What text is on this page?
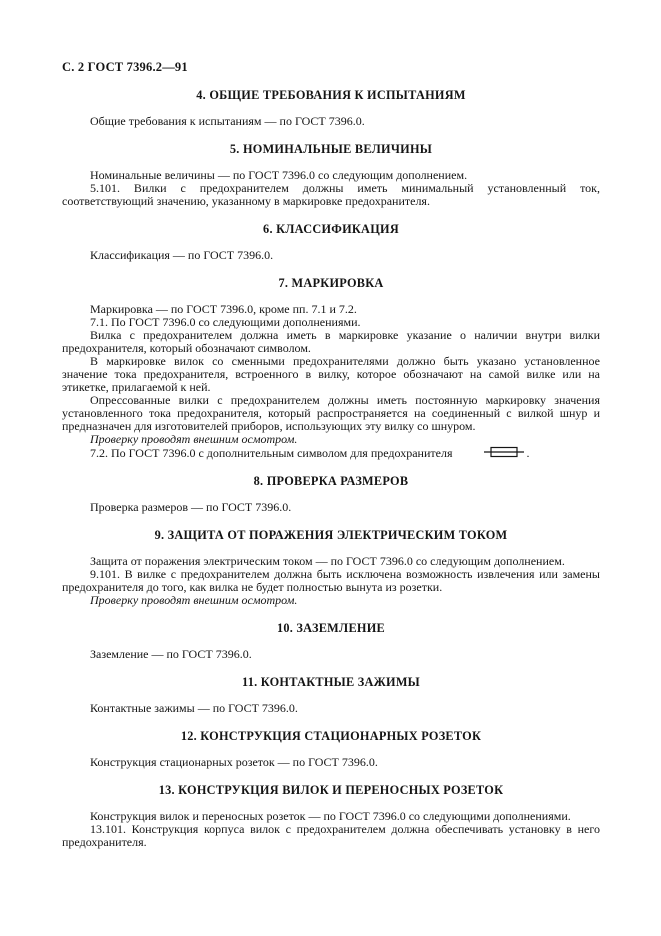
С. 2 ГОСТ 7396.2—91
4. ОБЩИЕ ТРЕБОВАНИЯ К ИСПЫТАНИЯМ

Общие требования к испытаниям — по ГОСТ 7396.0.

5. НОМИНАЛЬНЫЕ ВЕЛИЧИНЫ

Номинальные величины — по ГОСТ 7396.0 со следующим дополнением.

5.101. Вилки с предохранителем должны иметь минимальный установленный ток, соответствующий значению, указанному в маркировке предохранителя.

6. КЛАССИФИКАЦИЯ

Классификация — по ГОСТ 7396.0.

7. МАРКИРОВКА

Маркировка — по ГОСТ 7396.0, кроме пп. 7.1 и 7.2.

7.1. По ГОСТ 7396.0 со следующими дополнениями.

Вилка с предохранителем должна иметь в маркировке указание о наличии внутри вилки предохранителя, который обозначают символом.

В маркировке вилок со сменными предохранителями должно быть указано установленное значение тока предохранителя, встроенного в вилку, которое обозначают на самой вилке или на этикетке, прилагаемой к ней.

Опрессованные вилки с предохранителем должны иметь постоянную маркировку значения установленного тока предохранителя, который распространяется на соединенный с вилкой шнур и предназначен для изготовителей приборов, использующих эту вилку со шнуром.

Проверку проводят внешним осмотром.

7.2. По ГОСТ 7396.0 с дополнительным символом для предохранителя	.

8. ПРОВЕРКА РАЗМЕРОВ

Проверка размеров — по ГОСТ 7396.0.

9. ЗАЩИТА ОТ ПОРАЖЕНИЯ ЭЛЕКТРИЧЕСКИМ ТОКОМ

Защита от поражения электрическим током — по ГОСТ 7396.0 со следующим дополнением.

9.101. В вилке с предохранителем должна быть исключена возможность извлечения или замены предохранителя до того, как вилка не будет полностью вынута из розетки.

Проверку проводят внешним осмотром.

10. ЗАЗЕМЛЕНИЕ

Заземление — по ГОСТ 7396.0.

11. КОНТАКТНЫЕ ЗАЖИМЫ

Контактные зажимы — по ГОСТ 7396.0.

12. КОНСТРУКЦИЯ СТАЦИОНАРНЫХ РОЗЕТОК

Конструкция стационарных розеток — по ГОСТ 7396.0.

13. КОНСТРУКЦИЯ ВИЛОК И ПЕРЕНОСНЫХ РОЗЕТОК

Конструкция вилок и переносных розеток — по ГОСТ 7396.0 со следующими дополнениями.

13.101. Конструкция корпуса вилок с предохранителем должна обеспечивать установку в него предохранителя.
